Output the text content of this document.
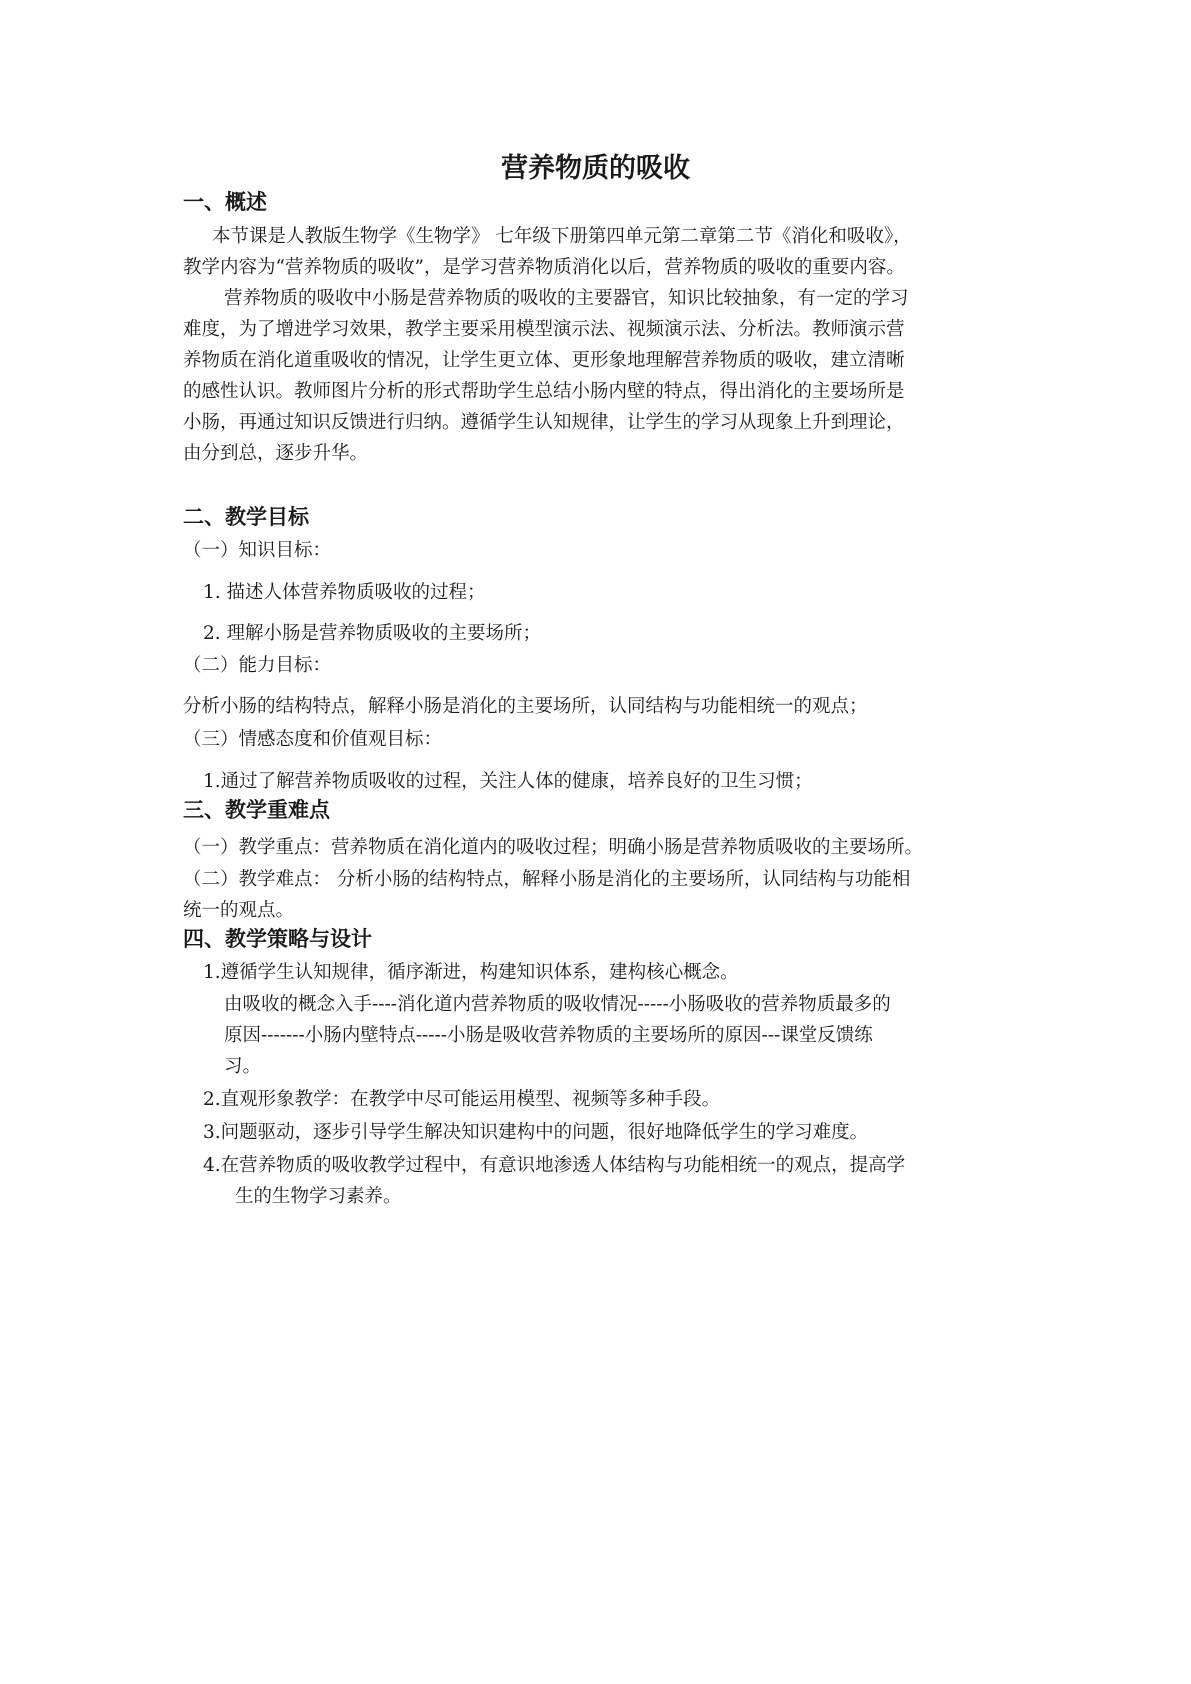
营养物质的吸收
一、概述
本节课是人教版生物学《生物学》 七年级下册第四单元第二章第二节《消化和吸收》，
教学内容为“营养物质的吸收”，是学习营养物质消化以后，营养物质的吸收的重要内容。
营养物质的吸收中小肠是营养物质的吸收的主要器官，知识比较抽象，有一定的学习
难度，为了增进学习效果，教学主要采用模型演示法、视频演示法、分析法。教师演示营
养物质在消化道重吸收的情况，让学生更立体、更形象地理解营养物质的吸收，建立清晰
的感性认识。教师图片分析的形式帮助学生总结小肠内壁的特点，得出消化的主要场所是
小肠，再通过知识反馈进行归纳。遵循学生认知规律，让学生的学习从现象上升到理论，
由分到总，逐步升华。
二、教学目标
（一）知识目标：
1. 描述人体营养物质吸收的过程；
2. 理解小肠是营养物质吸收的主要场所；
（二）能力目标：
分析小肠的结构特点，解释小肠是消化的主要场所，认同结构与功能相统一的观点；
（三）情感态度和价值观目标：
1.通过了解营养物质吸收的过程，关注人体的健康，培养良好的卫生习惯；
三、教学重难点
（一）教学重点：营养物质在消化道内的吸收过程；明确小肠是营养物质吸收的主要场所。
（二）教学难点： 分析小肠的结构特点，解释小肠是消化的主要场所，认同结构与功能相
统一的观点。
四、教学策略与设计
1.遵循学生认知规律，循序渐进，构建知识体系，建构核心概念。
由吸收的概念入手----消化道内营养物质的吸收情况-----小肠吸收的营养物质最多的
原因-------小肠内壁特点-----小肠是吸收营养物质的主要场所的原因---课堂反馈练
习。
2.直观形象教学：在教学中尽可能运用模型、视频等多种手段。
3.问题驱动，逐步引导学生解决知识建构中的问题，很好地降低学生的学习难度。
4.在营养物质的吸收教学过程中，有意识地渗透人体结构与功能相统一的观点，提高学
生的生物学习素养。
